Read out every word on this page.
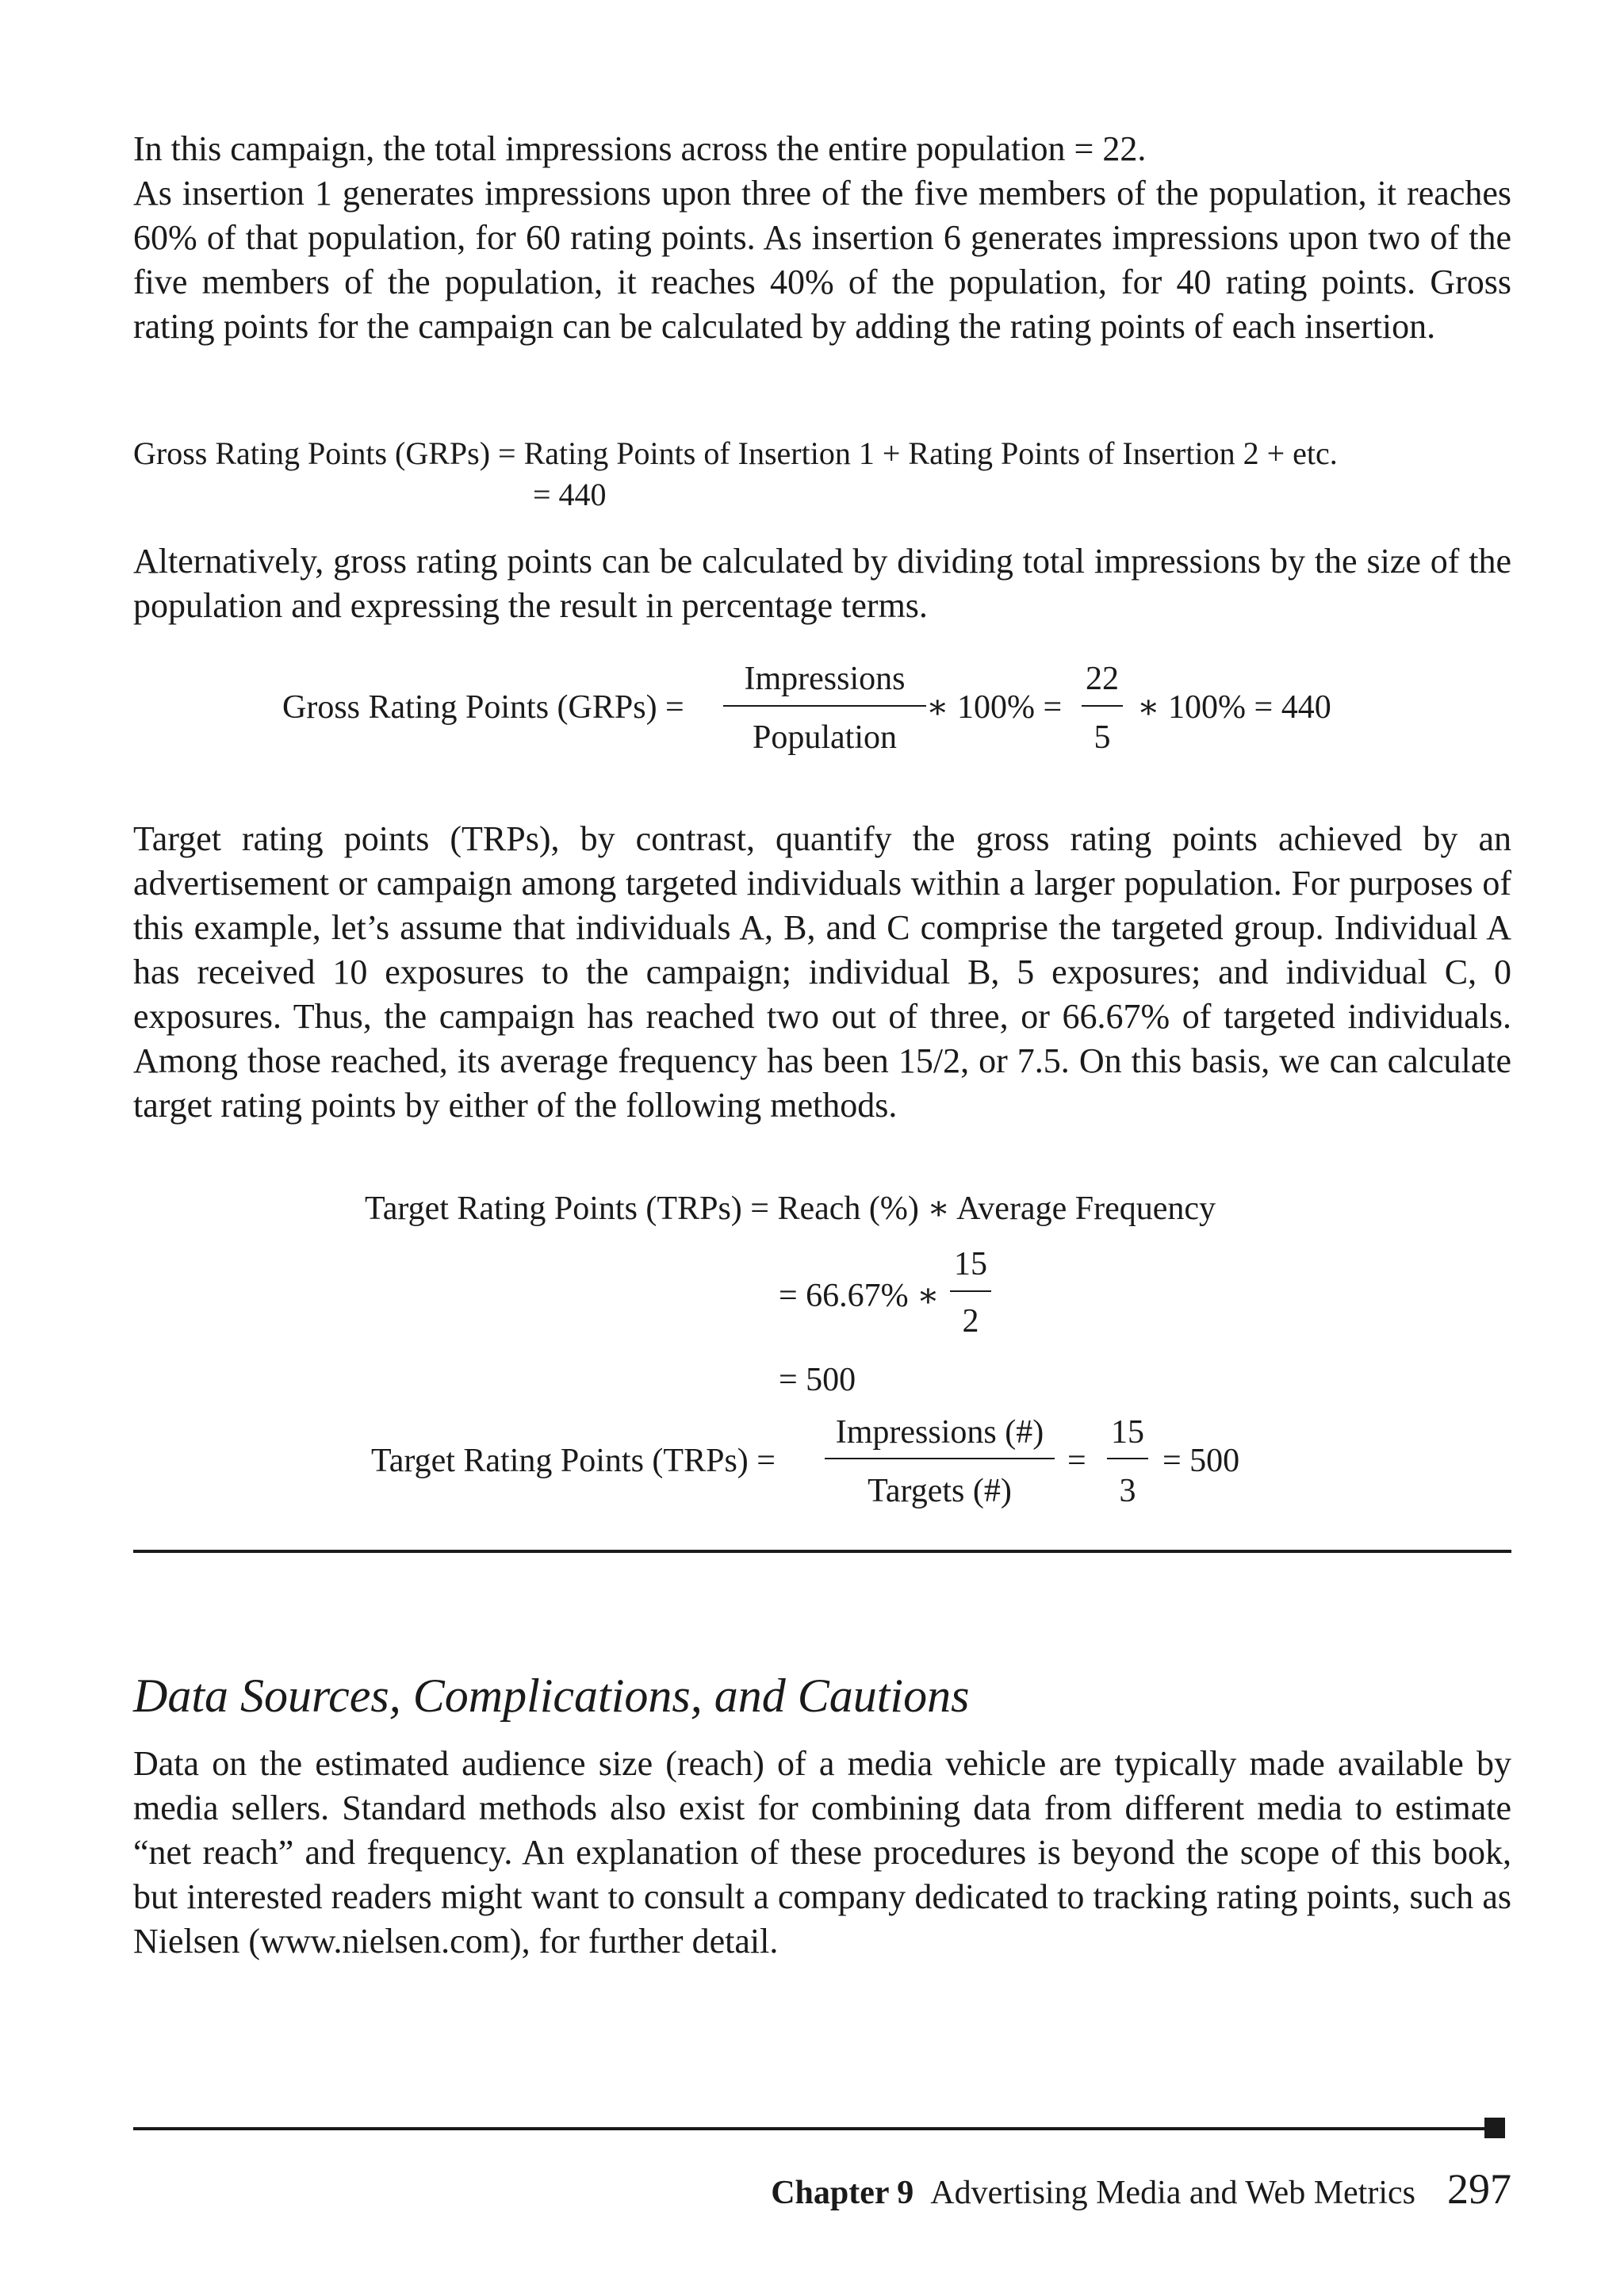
In this campaign, the total impressions across the entire population = 22.

As insertion 1 generates impressions upon three of the five members of the population, it reaches 60% of that population, for 60 rating points. As insertion 6 generates impressions upon two of the five members of the population, it reaches 40% of the population, for 40 rating points. Gross rating points for the campaign can be calculated by adding the rating points of each insertion.

Gross Rating Points (GRPs) = Rating Points of Insertion 1 + Rating Points of Insertion 2 + etc.
= 440

Alternatively, gross rating points can be calculated by dividing total impressions by the size of the population and expressing the result in percentage terms.

Gross Rating Points (GRPs) =
Impressions
Population
∗ 100% =
22
5
∗ 100% = 440

Target rating points (TRPs), by contrast, quantify the gross rating points achieved by an advertisement or campaign among targeted individuals within a larger population. For purposes of this example, let’s assume that individuals A, B, and C comprise the targeted group. Individual A has received 10 exposures to the campaign; individual B, 5 exposures; and individual C, 0 exposures. Thus, the campaign has reached two out of three, or 66.67% of targeted individuals. Among those reached, its average frequency has been 15/2, or 7.5. On this basis, we can calculate target rating points by either of the following methods.

Target Rating Points (TRPs) = Reach (%) ∗ Average Frequency
= 66.67% ∗
15
2
= 500
Target Rating Points (TRPs) =
Impressions (#)
Targets (#)
=
15
3
= 500
Data Sources, Complications, and Cautions

Data on the estimated audience size (reach) of a media vehicle are typically made available by media sellers. Standard methods also exist for combining data from different media to estimate “net reach” and frequency. An explanation of these procedures is beyond the scope of this book, but interested readers might want to consult a company dedicated to tracking rating points, such as Nielsen (www.nielsen.com), for further detail.

Chapter 9 Advertising Media and Web Metrics 297
